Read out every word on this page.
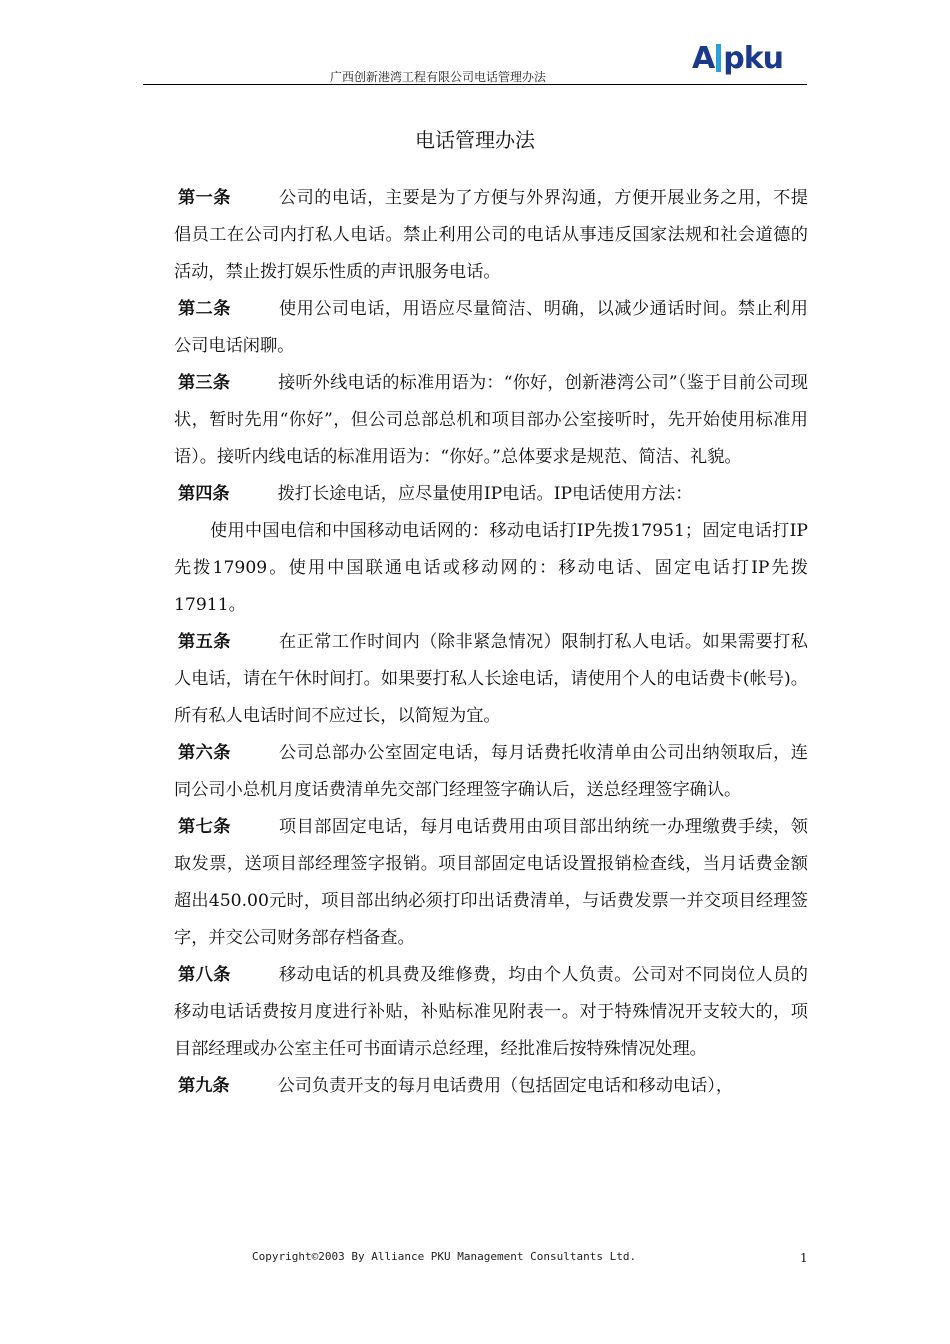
广西创新港湾工程有限公司电话管理办法
A pku
电话管理办法

第一条	公司的电话，主要是为了方便与外界沟通，方便开展业务之用，不提倡员工在公司内打私人电话。禁止利用公司的电话从事违反国家法规和社会道德的活动，禁止拨打娱乐性质的声讯服务电话。

第二条	使用公司电话，用语应尽量简洁、明确，以减少通话时间。禁止利用公司电话闲聊。

第三条	接听外线电话的标准用语为：“你好，创新港湾公司”（鉴于目前公司现状，暂时先用“你好”，但公司总部总机和项目部办公室接听时，先开始使用标准用语）。接听内线电话的标准用语为：“你好。”总体要求是规范、简洁、礼貌。

第四条	拨打长途电话，应尽量使用IP电话。IP电话使用方法：

使用中国电信和中国移动电话网的：移动电话打IP先拨17951；固定电话打IP先拨17909。使用中国联通电话或移动网的：移动电话、固定电话打IP先拨17911。

第五条	在正常工作时间内（除非紧急情况）限制打私人电话。如果需要打私人电话，请在午休时间打。如果要打私人长途电话，请使用个人的电话费卡(帐号)。所有私人电话时间不应过长，以简短为宜。

第六条	公司总部办公室固定电话，每月话费托收清单由公司出纳领取后，连同公司小总机月度话费清单先交部门经理签字确认后，送总经理签字确认。

第七条	项目部固定电话，每月电话费用由项目部出纳统一办理缴费手续，领取发票，送项目部经理签字报销。项目部固定电话设置报销检查线，当月话费金额超出450.00元时，项目部出纳必须打印出话费清单，与话费发票一并交项目经理签字，并交公司财务部存档备查。

第八条	移动电话的机具费及维修费，均由个人负责。公司对不同岗位人员的移动电话话费按月度进行补贴，补贴标准见附表一。对于特殊情况开支较大的，项目部经理或办公室主任可书面请示总经理，经批准后按特殊情况处理。

第九条	公司负责开支的每月电话费用（包括固定电话和移动电话），

Copyright©2003 By Alliance PKU Management Consultants Ltd.	1
